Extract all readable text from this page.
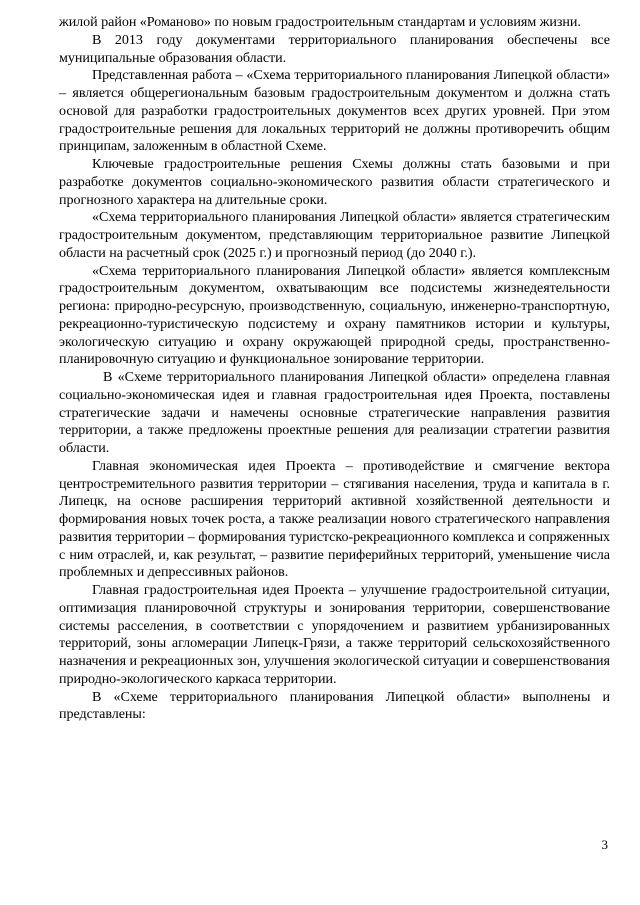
жилой район «Романово» по новым градостроительным стандартам и условиям жизни.

В 2013 году документами территориального планирования обеспечены все муниципальные образования области.

Представленная работа – «Схема территориального планирования Липецкой области» – является общерегиональным базовым градостроительным документом и должна стать основой для разработки градостроительных документов всех других уровней. При этом градостроительные решения для локальных территорий не должны противоречить общим принципам, заложенным в областной Схеме.

Ключевые градостроительные решения Схемы должны стать базовыми и при разработке документов социально-экономического развития области стратегического и прогнозного характера на длительные сроки.

«Схема территориального планирования Липецкой области» является стратегическим градостроительным документом, представляющим территориальное развитие Липецкой области на расчетный срок (2025 г.) и прогнозный период (до 2040 г.).

«Схема территориального планирования Липецкой области» является комплексным градостроительным документом, охватывающим все подсистемы жизнедеятельности региона: природно-ресурсную, производственную, социальную, инженерно-транспортную, рекреационно-туристическую подсистему и охрану памятников истории и культуры, экологическую ситуацию и охрану окружающей природной среды, пространственно-планировочную ситуацию и функциональное зонирование территории.

В «Схеме территориального планирования Липецкой области» определена главная социально-экономическая идея и главная градостроительная идея Проекта, поставлены стратегические задачи и намечены основные стратегические направления развития территории, а также предложены проектные решения для реализации стратегии развития области.

Главная экономическая идея Проекта – противодействие и смягчение вектора центростремительного развития территории – стягивания населения, труда и капитала в г. Липецк, на основе расширения территорий активной хозяйственной деятельности и формирования новых точек роста, а также реализации нового стратегического направления развития территории – формирования туристско-рекреационного комплекса и сопряженных с ним отраслей, и, как результат, – развитие периферийных территорий, уменьшение числа проблемных и депрессивных районов.

Главная градостроительная идея Проекта – улучшение градостроительной ситуации, оптимизация планировочной структуры и зонирования территории, совершенствование системы расселения, в соответствии с упорядочением и развитием урбанизированных территорий, зоны агломерации Липецк-Грязи, а также территорий сельскохозяйственного назначения и рекреационных зон, улучшения экологической ситуации и совершенствования природно-экологического каркаса территории.

В «Схеме территориального планирования Липецкой области» выполнены и представлены:

3
